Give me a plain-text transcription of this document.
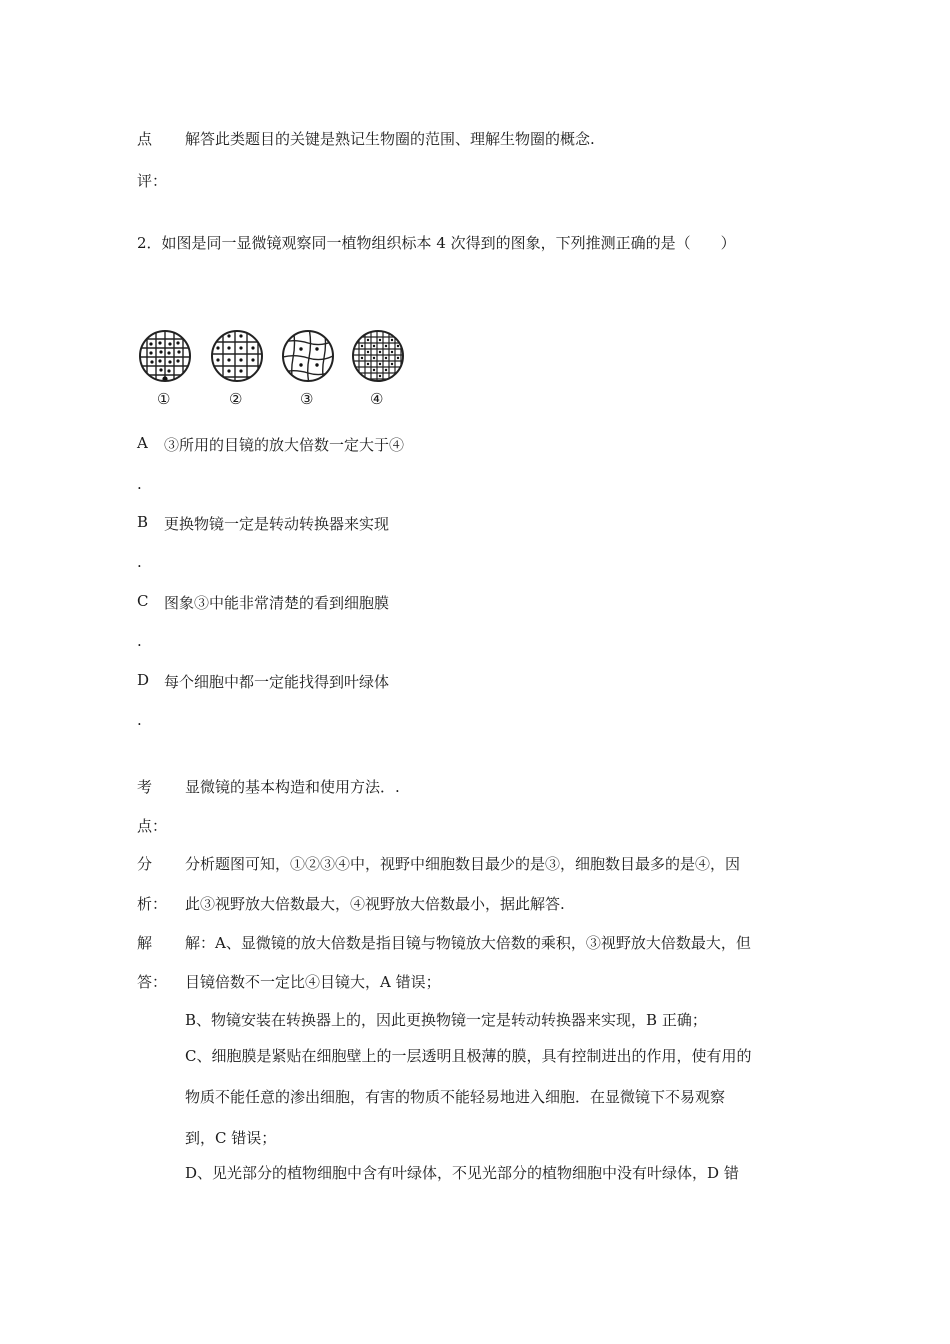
点 解答此类题目的关键是熟记生物圈的范围、理解生物圈的概念.
评：
2．如图是同一显微镜观察同一植物组织标本 4 次得到的图象，下列推测正确的是（　　）
①	②	③	④
A ③所用的目镜的放大倍数一定大于④
.
B 更换物镜一定是转动转换器来实现
.
C 图象③中能非常清楚的看到细胞膜
.
D 每个细胞中都一定能找得到叶绿体
.
考 显微镜的基本构造和使用方法．.
点：
分 分析题图可知，①②③④中，视野中细胞数目最少的是③，细胞数目最多的是④，因
析： 此③视野放大倍数最大，④视野放大倍数最小，据此解答.
解 解：A、显微镜的放大倍数是指目镜与物镜放大倍数的乘积，③视野放大倍数最大，但
答： 目镜倍数不一定比④目镜大，A 错误；
B、物镜安装在转换器上的，因此更换物镜一定是转动转换器来实现，B 正确；
C、细胞膜是紧贴在细胞壁上的一层透明且极薄的膜，具有控制进出的作用，使有用的
物质不能任意的渗出细胞，有害的物质不能轻易地进入细胞．在显微镜下不易观察
到，C 错误；
D、见光部分的植物细胞中含有叶绿体，不见光部分的植物细胞中没有叶绿体，D 错
